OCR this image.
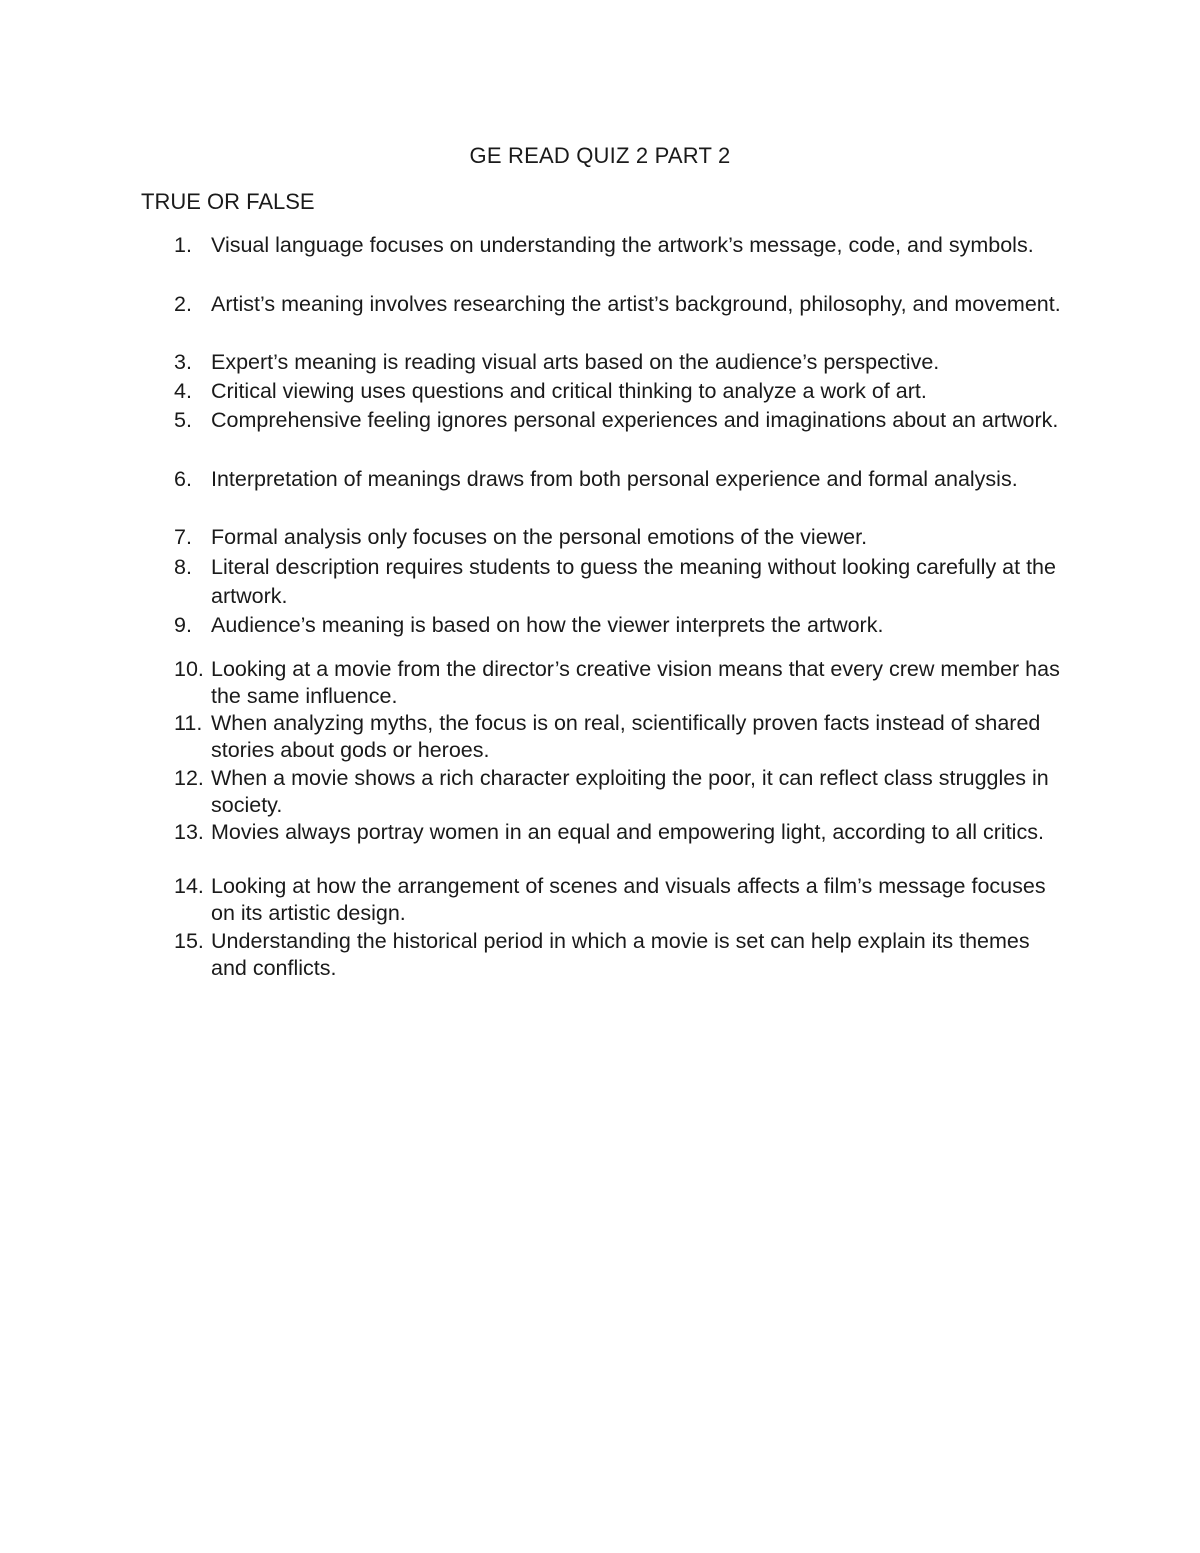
GE READ QUIZ 2 PART 2
TRUE OR FALSE
1. Visual language focuses on understanding the artwork’s message, code, and symbols.
2. Artist’s meaning involves researching the artist’s background, philosophy, and movement.
3. Expert’s meaning is reading visual arts based on the audience’s perspective.
4. Critical viewing uses questions and critical thinking to analyze a work of art.
5. Comprehensive feeling ignores personal experiences and imaginations about an artwork.
6. Interpretation of meanings draws from both personal experience and formal analysis.
7. Formal analysis only focuses on the personal emotions of the viewer.
8. Literal description requires students to guess the meaning without looking carefully at the artwork.
9. Audience’s meaning is based on how the viewer interprets the artwork.
10. Looking at a movie from the director’s creative vision means that every crew member has the same influence.
11. When analyzing myths, the focus is on real, scientifically proven facts instead of shared stories about gods or heroes.
12. When a movie shows a rich character exploiting the poor, it can reflect class struggles in society.
13. Movies always portray women in an equal and empowering light, according to all critics.
14. Looking at how the arrangement of scenes and visuals affects a film’s message focuses on its artistic design.
15. Understanding the historical period in which a movie is set can help explain its themes and conflicts.
